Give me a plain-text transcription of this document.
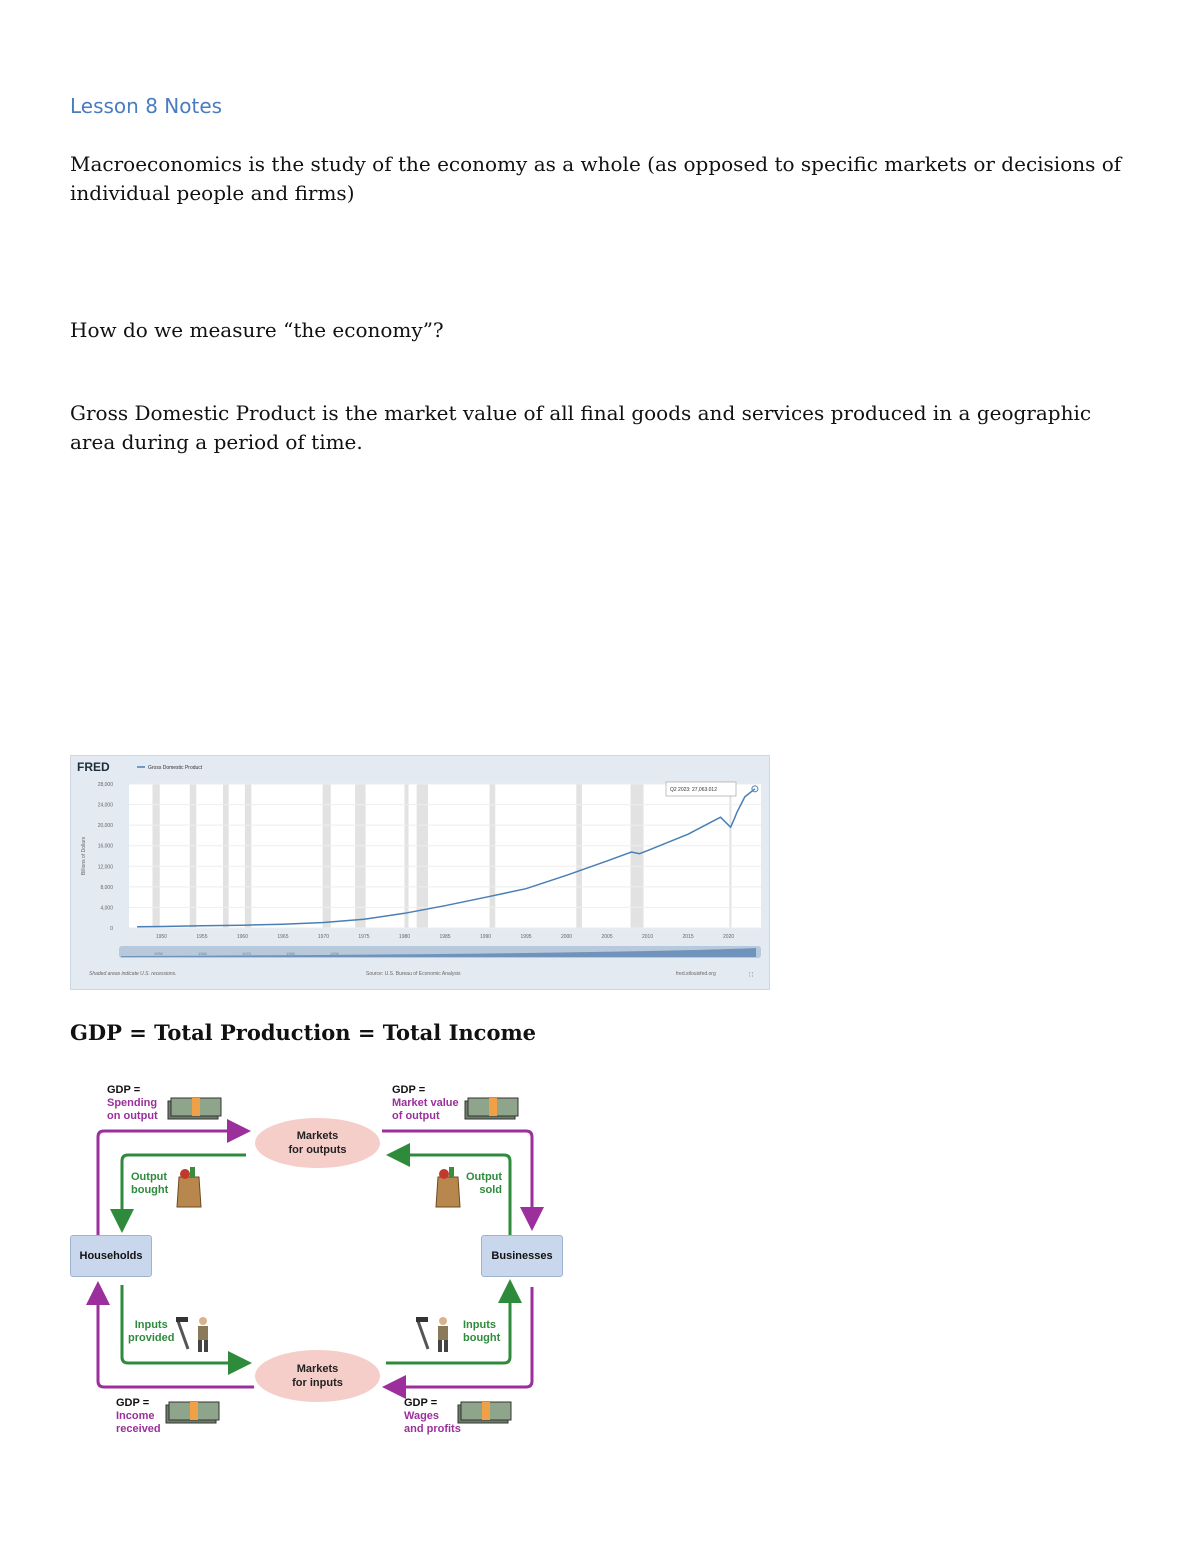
Lesson 8 Notes
Macroeconomics is the study of the economy as a whole (as opposed to specific markets or decisions of individual people and firms)
How do we measure “the economy”?
Gross Domestic Product is the market value of all final goods and services produced in a geographic area during a period of time.
0
4,000
8,000
12,000
16,000
20,000
24,000
28,000
1950	1955	1960	1965	1970	1975	1980	1985	1990	1995	2000	2005	2010	2015	2020
Billions of Dollars
Q2 2023: 27,063.012
FRED	Gross Domestic Product
1950	1960	1970	1980	1990
Shaded areas indicate U.S. recessions.	Source: U.S. Bureau of Economic Analysis	fred.stlouisfed.org	∷
GDP = Total Production = Total Income
Households	Businesses
Markets
for outputs
Markets
for inputs
GDP =
Spending
on output
GDP =
Market value
of output
GDP =
Income
received
GDP =
Wages
and profits
Output
bought
Output
sold
Inputs
provided
Inputs
bought
